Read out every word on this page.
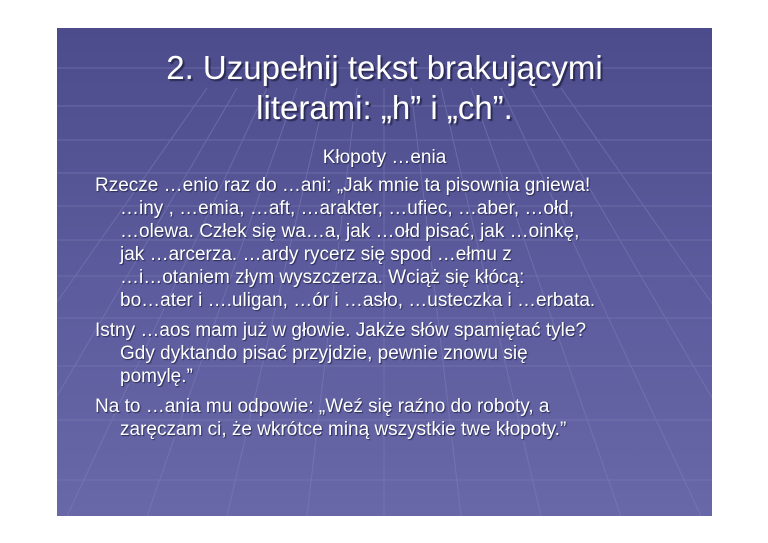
2. Uzupełnij tekst brakującymi
literami: „h” i „ch”.
Kłopoty …enia
Rzecze …enio raz do …ani: „Jak mnie ta pisownia gniewa!
…iny , …emia, …aft, …arakter, …ufiec, …aber, …ołd,
…olewa. Człek się wa…a, jak …ołd pisać, jak …oinkę,
jak …arcerza. …ardy rycerz się spod …ełmu z
…i…otaniem złym wyszczerza. Wciąż się kłócą:
bo…ater i ….uligan, …ór i …asło, …usteczka i …erbata.
Istny …aos mam już w głowie. Jakże słów spamiętać tyle?
Gdy dyktando pisać przyjdzie, pewnie znowu się
pomylę.”
Na to …ania mu odpowie: „Weź się raźno do roboty, a
zaręczam ci, że wkrótce miną wszystkie twe kłopoty.”
